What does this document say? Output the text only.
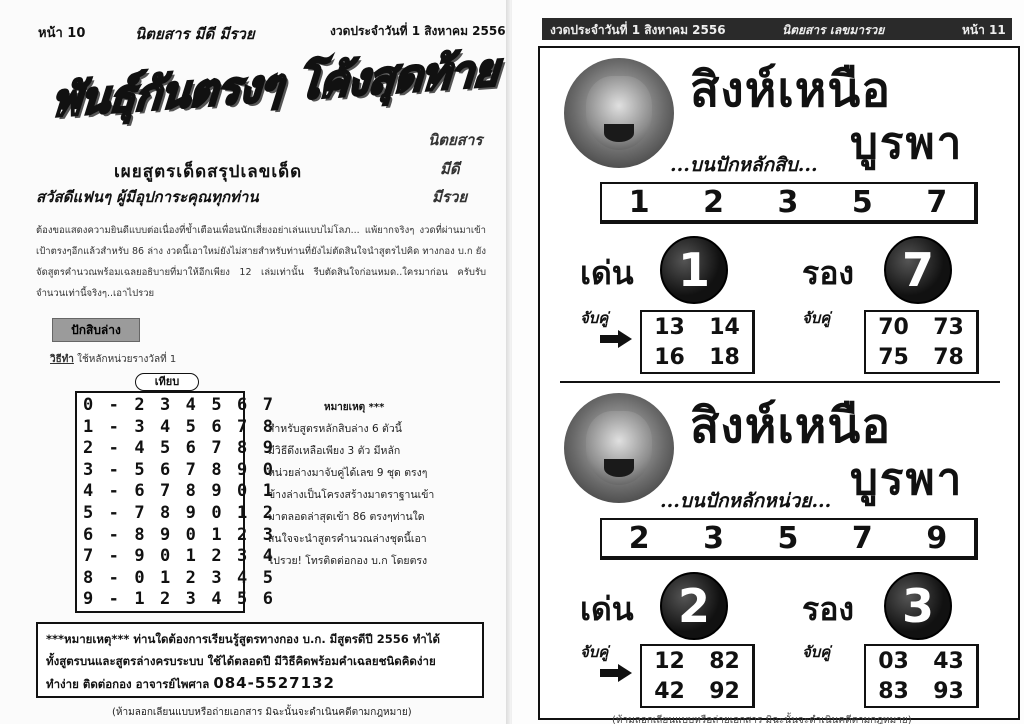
หน้า 10	นิตยสาร มีดี มีรวย	งวดประจำวันที่ 1 สิงหาคม 2556
พันธุ์กันตรงๆ โค้งสุดท้าย
นิตยสาร
มีดี
มีรวย
เผยสูตรเด็ดสรุปเลขเด็ด
สวัสดีแฟนๆ ผู้มีอุปการะคุณทุกท่าน
ต้องขอแสดงความยินดีแบบต่อเนื่องที่ข้ำเตือนเพื่อนนักเสี่ยงอย่าเล่นแบบไม่โลภ... แพ้ยากจริงๆ งวดที่ผ่านมาเข้าเป้าตรงๆอีกแล้วสำหรับ 86 ล่าง งวดนี้เอาใหม่ยังไม่สายสำหรับท่านที่ยังไม่ตัดสินใจนำสูตรไปคิด ทางกอง บ.ก ยังจัดสูตรคำนวณพร้อมเฉลยอธิบายที่มาให้อีกเพียง 12 เล่มเท่านั้น รีบตัดสินใจก่อนหมด..ใครมาก่อน ครับรับจำนวนเท่านี้จริงๆ..เอาไปรวย
ปักสิบล่าง
วิธีทำ ใช้หลักหน่วยรางวัลที่ 1
เทียบ
0 - 2 3 4 5 6 7
1 - 3 4 5 6 7 8
2 - 4 5 6 7 8 9
3 - 5 6 7 8 9 0
4 - 6 7 8 9 0 1
5 - 7 8 9 0 1 2
6 - 8 9 0 1 2 3
7 - 9 0 1 2 3 4
8 - 0 1 2 3 4 5
9 - 1 2 3 4 5 6
หมายเหตุ ***
สำหรับสูตรหลักสิบล่าง 6 ตัวนี้
มีวิธีดึงเหลือเพียง 3 ตัว มีหลัก
หน่วยล่างมาจับคู่ได้เลข 9 ชุด ตรงๆ
ข้างล่างเป็นโครงสร้างมาตราฐานเข้า
มาตลอดล่าสุดเข้า 86 ตรงๆท่านใด
สนใจจะนำสูตรคำนวณล่างชุดนี้เอา
ไปรวย! โทรติดต่อกอง บ.ก โดยตรง
***หมายเหตุ*** ท่านใดต้องการเรียนรู้สูตรทางกอง บ.ก. มีสูตรดีปี 2556 ทำได้
ทั้งสูตรบนและสูตรล่างครบระบบ ใช้ได้ตลอดปี มีวิธีคิดพร้อมคำเฉลยชนิดคิดง่าย
ทำง่าย ติดต่อกอง อาจารย์ไพศาล 084-5527132
(ห้ามลอกเลียนแบบหรือถ่ายเอกสาร มิฉะนั้นจะดำเนินคดีตามกฎหมาย)
งวดประจำวันที่ 1 สิงหาคม 2556	นิตยสาร เลขมารวย	หน้า 11
สิงห์เหนือ
บูรพา
...บนปักหลักสิบ...
1 2 3 5 7
เด่น 1	รอง	7
จับคู่ 13 14
16 18
จับคู่ 70 73
75 78
สิงห์เหนือ
บูรพา
...บนปักหลักหน่วย...
2 3 5 7 9
เด่น 2	รอง	3
จับคู่ 12 82
42 92
จับคู่ 03 43
83 93
(ห้ามลอกเลียนแบบหรือถ่ายเอกสาร มิฉะนั้นจะดำเนินคดีตามกฎหมาย)
